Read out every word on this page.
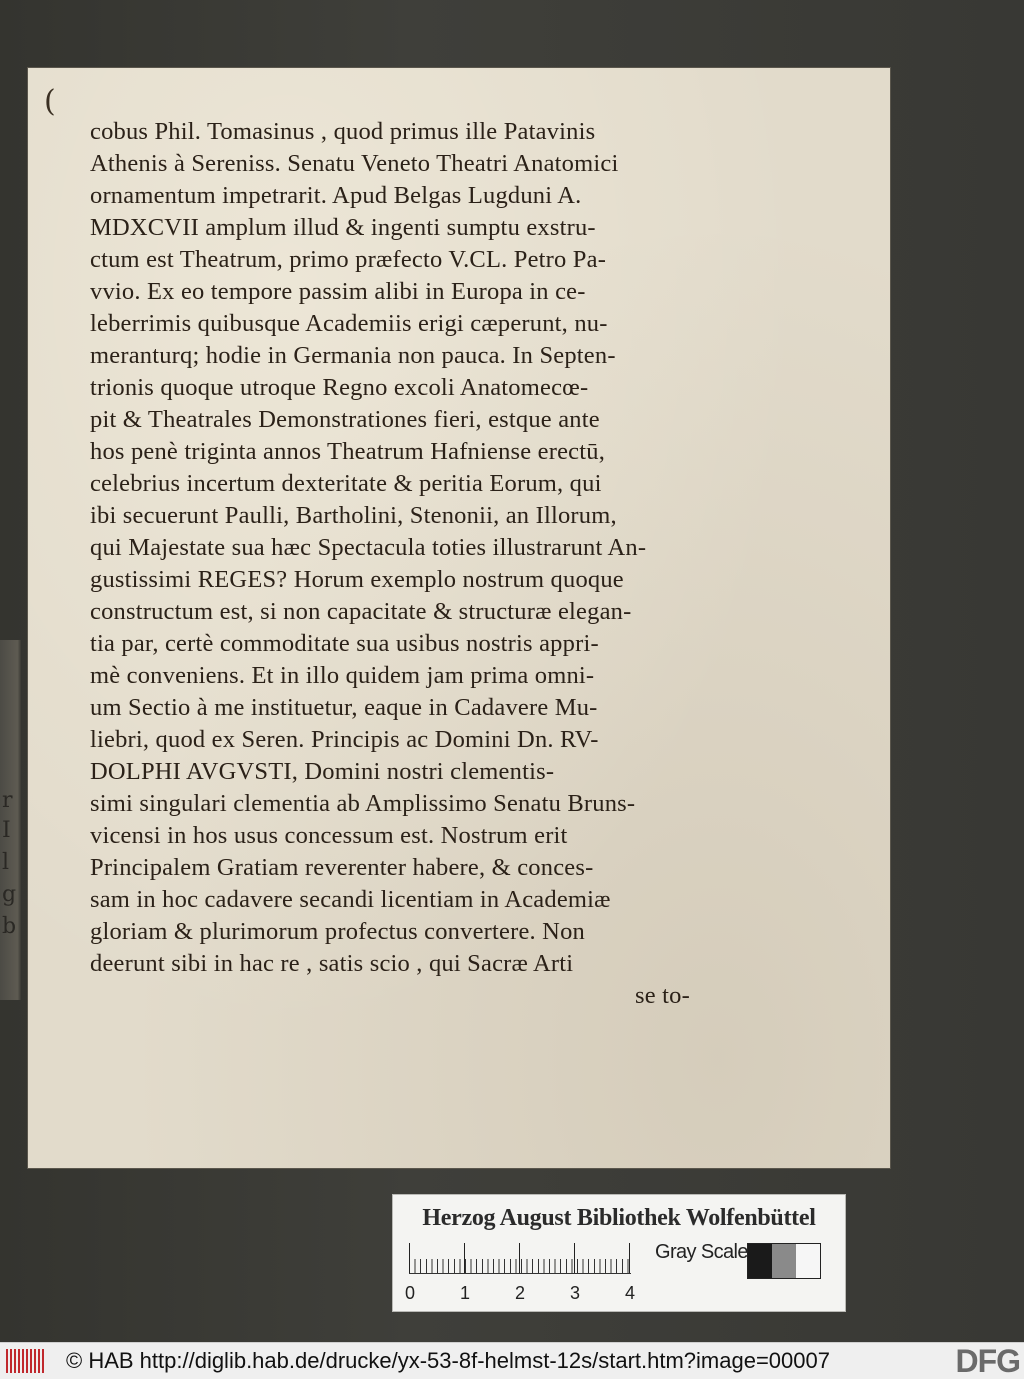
r
I
l
g
b
(
cobus Phil. Tomasinus , quod primus ille Patavinis
Athenis à Sereniss. Senatu Veneto Theatri Anatomici
ornamentum impetrarit. Apud Belgas Lugduni A.
MDXCVII amplum illud & ingenti sumptu exstru-
ctum est Theatrum, primo præfecto V.CL. Petro Pa-
vvio. Ex eo tempore passim alibi in Europa in ce-
leberrimis quibusque Academiis erigi cæperunt, nu-
meranturq; hodie in Germania non pauca. In Septen-
trionis quoque utroque Regno excoli Anatomecœ-
pit & Theatrales Demonstrationes fieri, estque ante
hos penè triginta annos Theatrum Hafniense erectū,
celebrius incertum dexteritate & peritia Eorum, qui
ibi secuerunt Paulli, Bartholini, Stenonii, an Illorum,
qui Majestate sua hæc Spectacula toties illustrarunt An-
gustissimi REGES? Horum exemplo nostrum quoque
constructum est, si non capacitate & structuræ elegan-
tia par, certè commoditate sua usibus nostris appri-
mè conveniens. Et in illo quidem jam prima omni-
um Sectio à me instituetur, eaque in Cadavere Mu-
liebri, quod ex Seren. Principis ac Domini Dn. RV-
DOLPHI AVGVSTI, Domini nostri clementis-
simi singulari clementia ab Amplissimo Senatu Bruns-
vicensi in hos usus concessum est. Nostrum erit
Principalem Gratiam reverenter habere, & conces-
sam in hoc cadavere secandi licentiam in Academiæ
gloriam & plurimorum profectus convertere. Non
deerunt sibi in hac re , satis scio , qui Sacræ Arti
se to-
Herzog August Bibliothek Wolfenbüttel
0 1 2 3 4
Gray Scale
© HAB http://diglib.hab.de/drucke/yx-53-8f-helmst-12s/start.htm?image=00007	DFG
